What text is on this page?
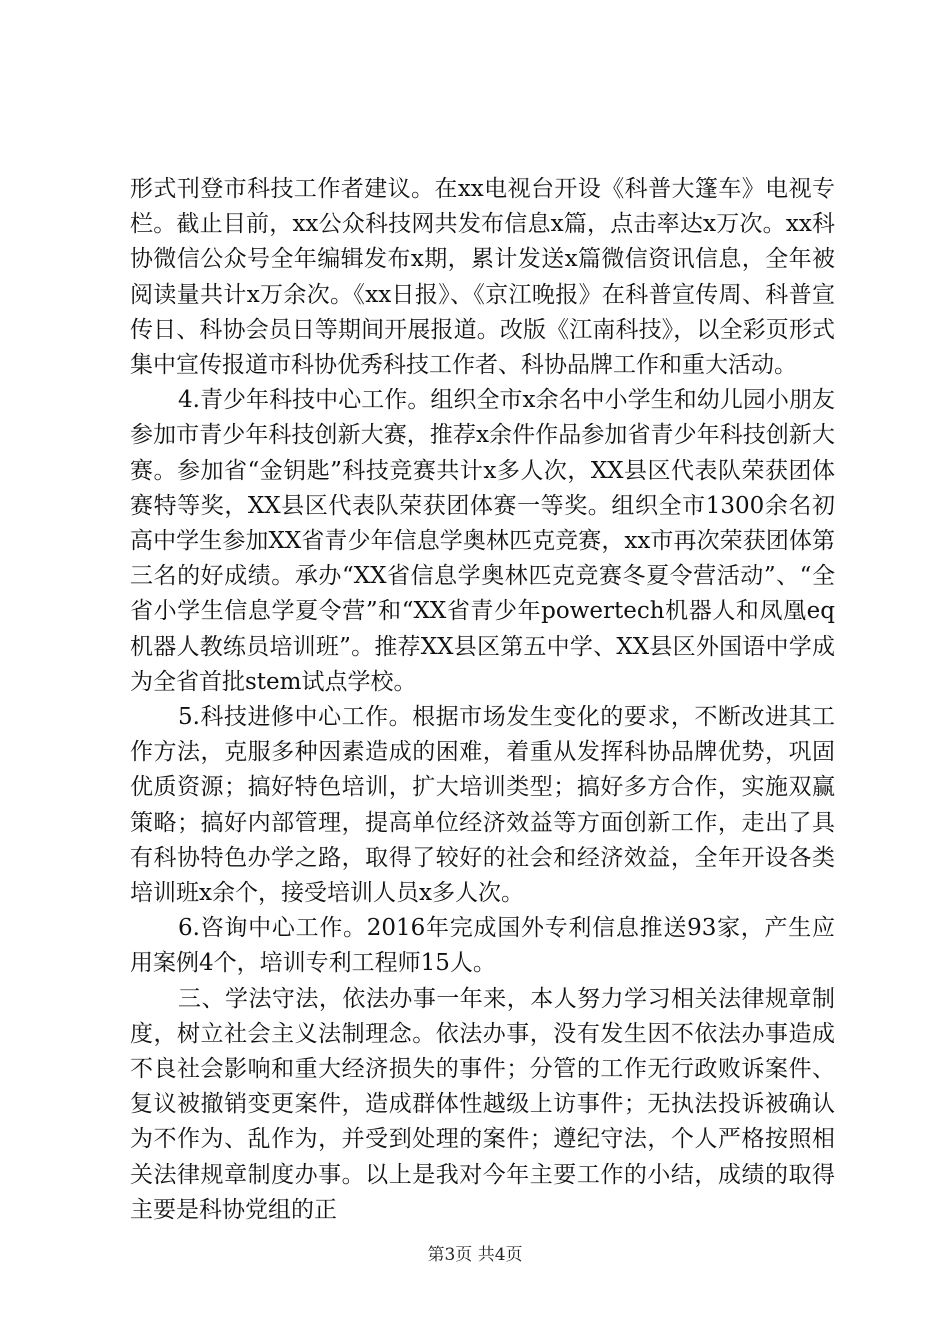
形式刊登市科技工作者建议。在xx电视台开设《科普大篷车》电视专栏。截止目前，xx公众科技网共发布信息x篇，点击率达x万次。xx科协微信公众号全年编辑发布x期，累计发送x篇微信资讯信息，全年被阅读量共计x万余次。《xx日报》、《京江晚报》在科普宣传周、科普宣传日、科协会员日等期间开展报道。改版《江南科技》，以全彩页形式集中宣传报道市科协优秀科技工作者、科协品牌工作和重大活动。

4.青少年科技中心工作。组织全市x余名中小学生和幼儿园小朋友参加市青少年科技创新大赛，推荐x余件作品参加省青少年科技创新大赛。参加省“金钥匙”科技竞赛共计x多人次，XX县区代表队荣获团体赛特等奖，XX县区代表队荣获团体赛一等奖。组织全市1300余名初高中学生参加XX省青少年信息学奥林匹克竞赛，xx市再次荣获团体第三名的好成绩。承办“XX省信息学奥林匹克竞赛冬夏令营活动”、“全省小学生信息学夏令营”和“XX省青少年powertech机器人和凤凰eq机器人教练员培训班”。推荐XX县区第五中学、XX县区外国语中学成为全省首批stem试点学校。

5.科技进修中心工作。根据市场发生变化的要求，不断改进其工作方法，克服多种因素造成的困难，着重从发挥科协品牌优势，巩固优质资源；搞好特色培训，扩大培训类型；搞好多方合作，实施双赢策略；搞好内部管理，提高单位经济效益等方面创新工作，走出了具有科协特色办学之路，取得了较好的社会和经济效益，全年开设各类培训班x余个，接受培训人员x多人次。

6.咨询中心工作。2016年完成国外专利信息推送93家，产生应用案例4个，培训专利工程师15人。

三、学法守法，依法办事一年来，本人努力学习相关法律规章制度，树立社会主义法制理念。依法办事，没有发生因不依法办事造成不良社会影响和重大经济损失的事件；分管的工作无行政败诉案件、复议被撤销变更案件，造成群体性越级上访事件；无执法投诉被确认为不作为、乱作为，并受到处理的案件；遵纪守法，个人严格按照相关法律规章制度办事。以上是我对今年主要工作的小结，成绩的取得主要是科协党组的正

第3页 共4页
